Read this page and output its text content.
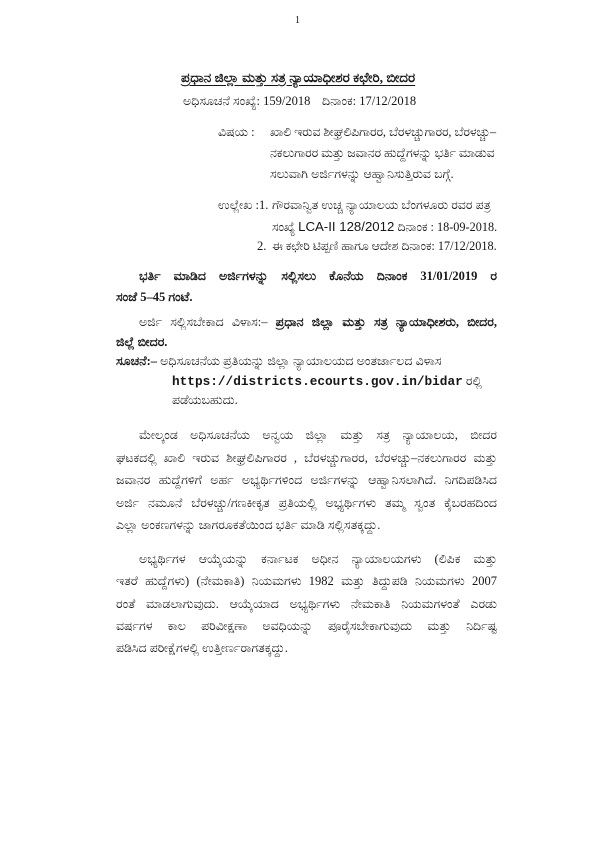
1
ಪ್ರಧಾನ ಜಿಲ್ಲಾ ಮತ್ತು ಸತ್ರ ನ್ಯಾಯಾಧೀಶರ ಕಛೇರಿ, ಬೀದರ
ಅಧಿಸೂಚನೆ ಸಂಖ್ಯೆ: 159/2018 ದಿನಾಂಕ: 17/12/2018
ವಿಷಯ :	ಖಾಲಿ ಇರುವ ಶೀಘ್ರಲಿಪಿಗಾರರ, ಬೆರಳಚ್ಚುಗಾರರ, ಬೆರಳಚ್ಚು–
ನಕಲುಗಾರರ ಮತ್ತು ಜವಾನರ ಹುದ್ದೆಗಳನ್ನು ಭರ್ತಿ ಮಾಡುವ
ಸಲುವಾಗಿ ಅರ್ಜಿಗಳನ್ನು ಆಹ್ವಾನಿಸುತ್ತಿರುವ ಬಗ್ಗೆ.
ಉಲ್ಲೇಖ :1. ಗೌರವಾನ್ವಿತ ಉಚ್ಚ ನ್ಯಾಯಾಲಯ ಬೆಂಗಳೂರು ರವರ ಪತ್ರ
ಸಂಖ್ಯೆ LCA-II 128/2012 ದಿನಾಂಕ : 18-09-2018.
2. ಈ ಕಛೇರಿ ಟಿಪ್ಪಣಿ ಹಾಗೂ ಆದೇಶ ದಿನಾಂಕ: 17/12/2018.
ಭರ್ತಿ ಮಾಡಿದ ಅರ್ಜಿಗಳನ್ನು ಸಲ್ಲಿಸಲು ಕೊನೆಯ ದಿನಾಂಕ 31/01/2019 ರ
ಸಂಜೆ 5–45 ಗಂಟೆ.
ಅರ್ಜಿ ಸಲ್ಲಿಸಬೇಕಾದ ವಿಳಾಸ:– ಪ್ರಧಾನ ಜಿಲ್ಲಾ ಮತ್ತು ಸತ್ರ ನ್ಯಾಯಾಧೀಶರು, ಬೀದರ,
ಜಿಲ್ಲೆ ಬೀದರ.
ಸೂಚನೆ:– ಅಧಿಸೂಚನೆಯ ಪ್ರತಿಯನ್ನು ಜಿಲ್ಲಾ ನ್ಯಾಯಾಲಯದ ಅಂತರ್ಜಾಲದ ವಿಳಾಸ
https://districts.ecourts.gov.in/bidar ರಲ್ಲಿ
ಪಡೆಯಬಹುದು.
ಮೇಲ್ಕಂಡ ಅಧಿಸೂಚನೆಯ ಅನ್ವಯ ಜಿಲ್ಲಾ ಮತ್ತು ಸತ್ರ ನ್ಯಾಯಾಲಯ, ಬೀದರ
ಘಟಕದಲ್ಲಿ ಖಾಲಿ ಇರುವ ಶೀಘ್ರಲಿಪಿಗಾರರ , ಬೆರಳಚ್ಚುಗಾರರ, ಬೆರಳಚ್ಚು–ನಕಲುಗಾರರ ಮತ್ತು
ಜವಾನರ ಹುದ್ದೆಗಳಿಗೆ ಅರ್ಹ ಅಭ್ಯರ್ಥಿಗಳಿಂದ ಅರ್ಜಿಗಳನ್ನು ಆಹ್ವಾನಿಸಲಾಗಿದೆ. ನಿಗದಿಪಡಿಸಿದ
ಅರ್ಜಿ ನಮೂನೆ ಬೆರಳಚ್ಚು/ಗಣಕೀಕೃತ ಪ್ರತಿಯಲ್ಲಿ ಅಭ್ಯರ್ಥಿಗಳು ತಮ್ಮ ಸ್ವಂತ ಕೈಬರಹದಿಂದ
ಎಲ್ಲಾ ಅಂಕಣಗಳನ್ನು ಜಾಗರೂಕತೆಯಿಂದ ಭರ್ತಿ ಮಾಡಿ ಸಲ್ಲಿಸತಕ್ಕದ್ದು.
ಅಭ್ಯರ್ಥಿಗಳ ಆಯ್ಕೆಯನ್ನು ಕರ್ನಾಟಕ ಅಧೀನ ನ್ಯಾಯಾಲಯಗಳು (ಲಿಪಿಕ ಮತ್ತು
ಇತರೆ ಹುದ್ದೆಗಳು) (ನೇಮಕಾತಿ) ನಿಯಮಗಳು 1982 ಮತ್ತು ತಿದ್ದುಪಡಿ ನಿಯಮಗಳು 2007
ರಂತೆ ಮಾಡಲಾಗುವುದು. ಆಯ್ಕೆಯಾದ ಅಭ್ಯರ್ಥಿಗಳು ನೇಮಕಾತಿ ನಿಯಮಗಳಂತೆ ಎರಡು
ವರ್ಷಗಳ ಕಾಲ ಪರಿವೀಕ್ಷಣಾ ಅವಧಿಯನ್ನು ಪೂರೈಸಬೇಕಾಗುವುದು ಮತ್ತು ನಿರ್ದಿಷ್ಟ
ಪಡಿಸಿದ ಪರೀಕ್ಷೆಗಳಲ್ಲಿ ಉತ್ತೀರ್ಣರಾಗತಕ್ಕದ್ದು.
